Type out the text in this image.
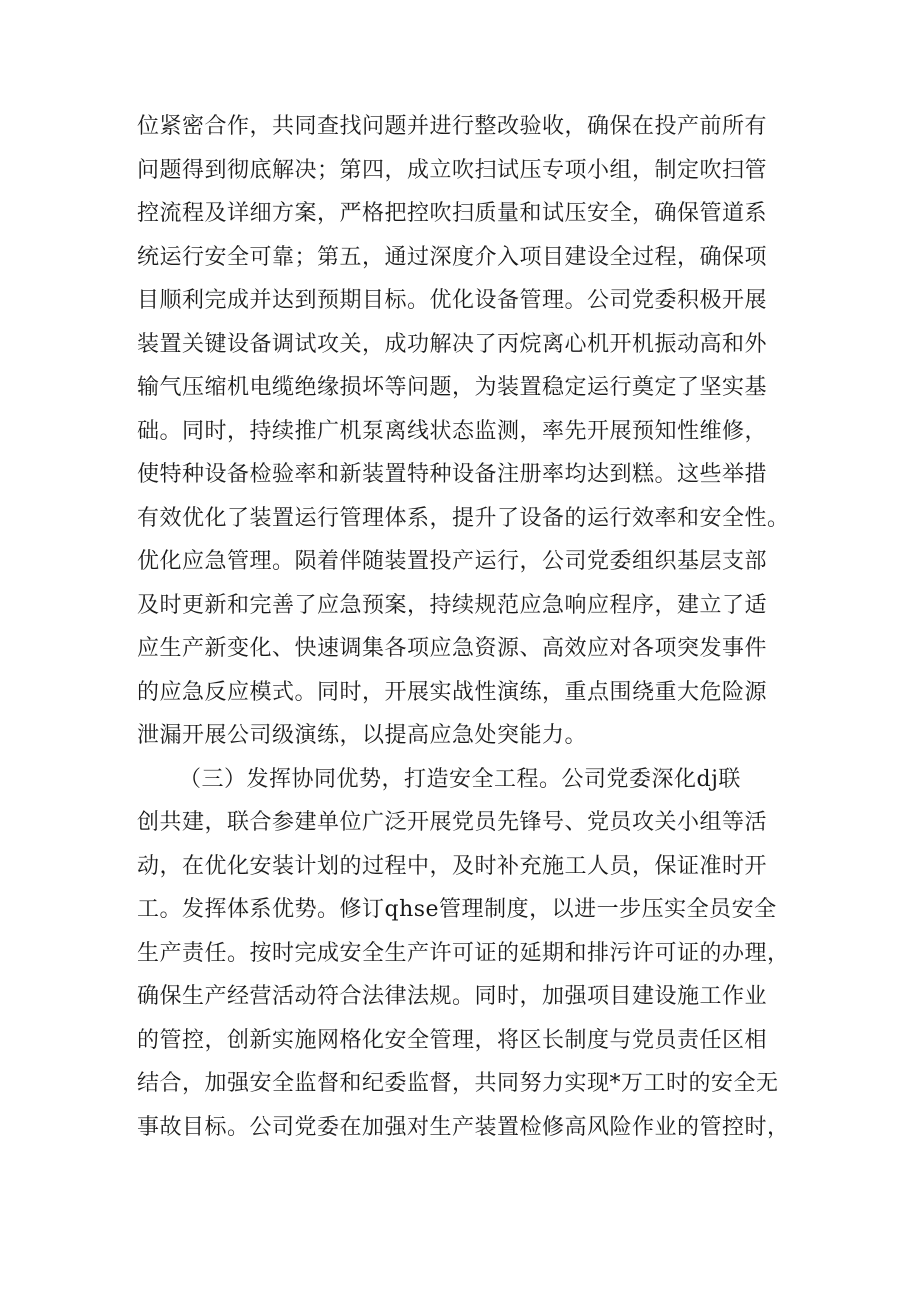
位紧密合作，共同查找问题并进行整改验收，确保在投产前所有
问题得到彻底解决；第四，成立吹扫试压专项小组，制定吹扫管
控流程及详细方案，严格把控吹扫质量和试压安全，确保管道系
统运行安全可靠；第五，通过深度介入项目建设全过程，确保项
目顺利完成并达到预期目标。优化设备管理。公司党委积极开展
装置关键设备调试攻关，成功解决了丙烷离心机开机振动高和外
输气压缩机电缆绝缘损坏等问题，为装置稳定运行奠定了坚实基
础。同时，持续推广机泵离线状态监测，率先开展预知性维修，
使特种设备检验率和新装置特种设备注册率均达到糕。这些举措
有效优化了装置运行管理体系，提升了设备的运行效率和安全性。
优化应急管理。陨着伴随装置投产运行，公司党委组织基层支部
及时更新和完善了应急预案，持续规范应急响应程序，建立了适
应生产新变化、快速调集各项应急资源、高效应对各项突发事件
的应急反应模式。同时，开展实战性演练，重点围绕重大危险源
泄漏开展公司级演练，以提高应急处突能力。
（三）发挥协同优势，打造安全工程。公司党委深化dj联
创共建，联合参建单位广泛开展党员先锋号、党员攻关小组等活
动，在优化安装计划的过程中，及时补充施工人员，保证准时开
工。发挥体系优势。修订qhse管理制度，以进一步压实全员安全
生产责任。按时完成安全生产许可证的延期和排污许可证的办理，
确保生产经营活动符合法律法规。同时，加强项目建设施工作业
的管控，创新实施网格化安全管理，将区长制度与党员责任区相
结合，加强安全监督和纪委监督，共同努力实现*万工时的安全无
事故目标。公司党委在加强对生产装置检修高风险作业的管控时，
